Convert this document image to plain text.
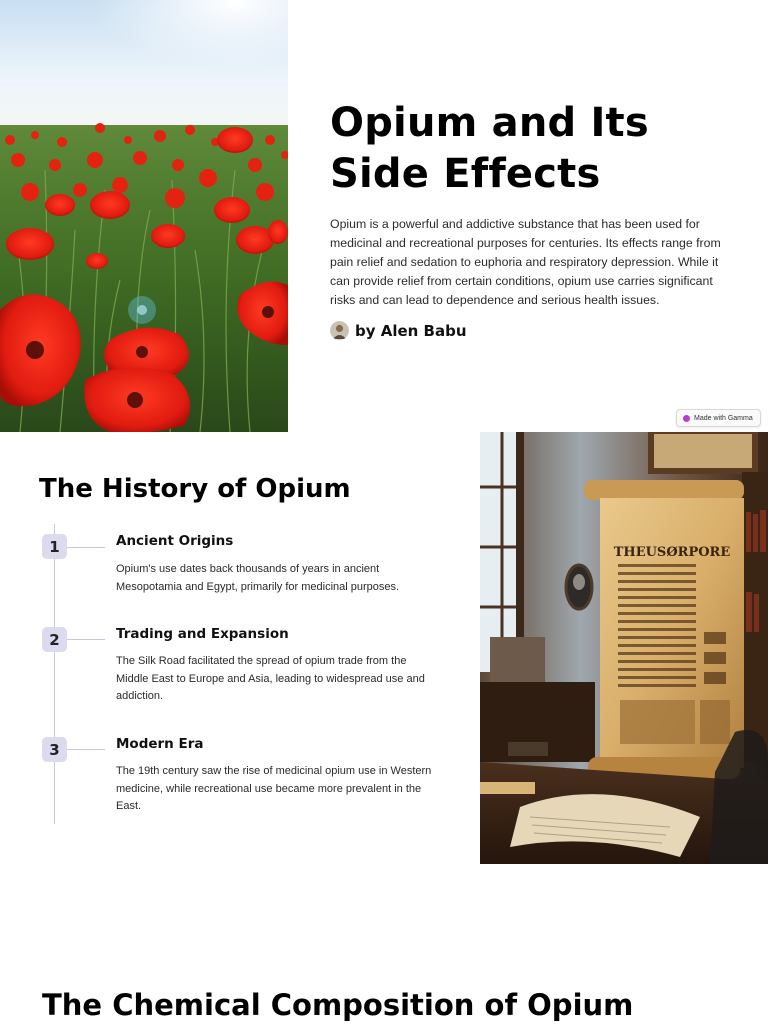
Opium and Its
Side Effects

Opium is a powerful and addictive substance that has been used for medicinal and recreational purposes for centuries. Its effects range from pain relief and sedation to euphoria and respiratory depression. While it can provide relief from certain conditions, opium use carries significant risks and can lead to dependence and serious health issues.

by Alen Babu
Made with Gamma
The History of Opium
1	Ancient Origins

Opium's use dates back thousands of years in ancient Mesopotamia and Egypt, primarily for medicinal purposes.

2	Trading and Expansion

The Silk Road facilitated the spread of opium trade from the Middle East to Europe and Asia, leading to widespread use and addiction.

3	Modern Era

The 19th century saw the rise of medicinal opium use in Western medicine, while recreational use became more prevalent in the East.

THEUSØRPORE
The Chemical Composition of Opium
